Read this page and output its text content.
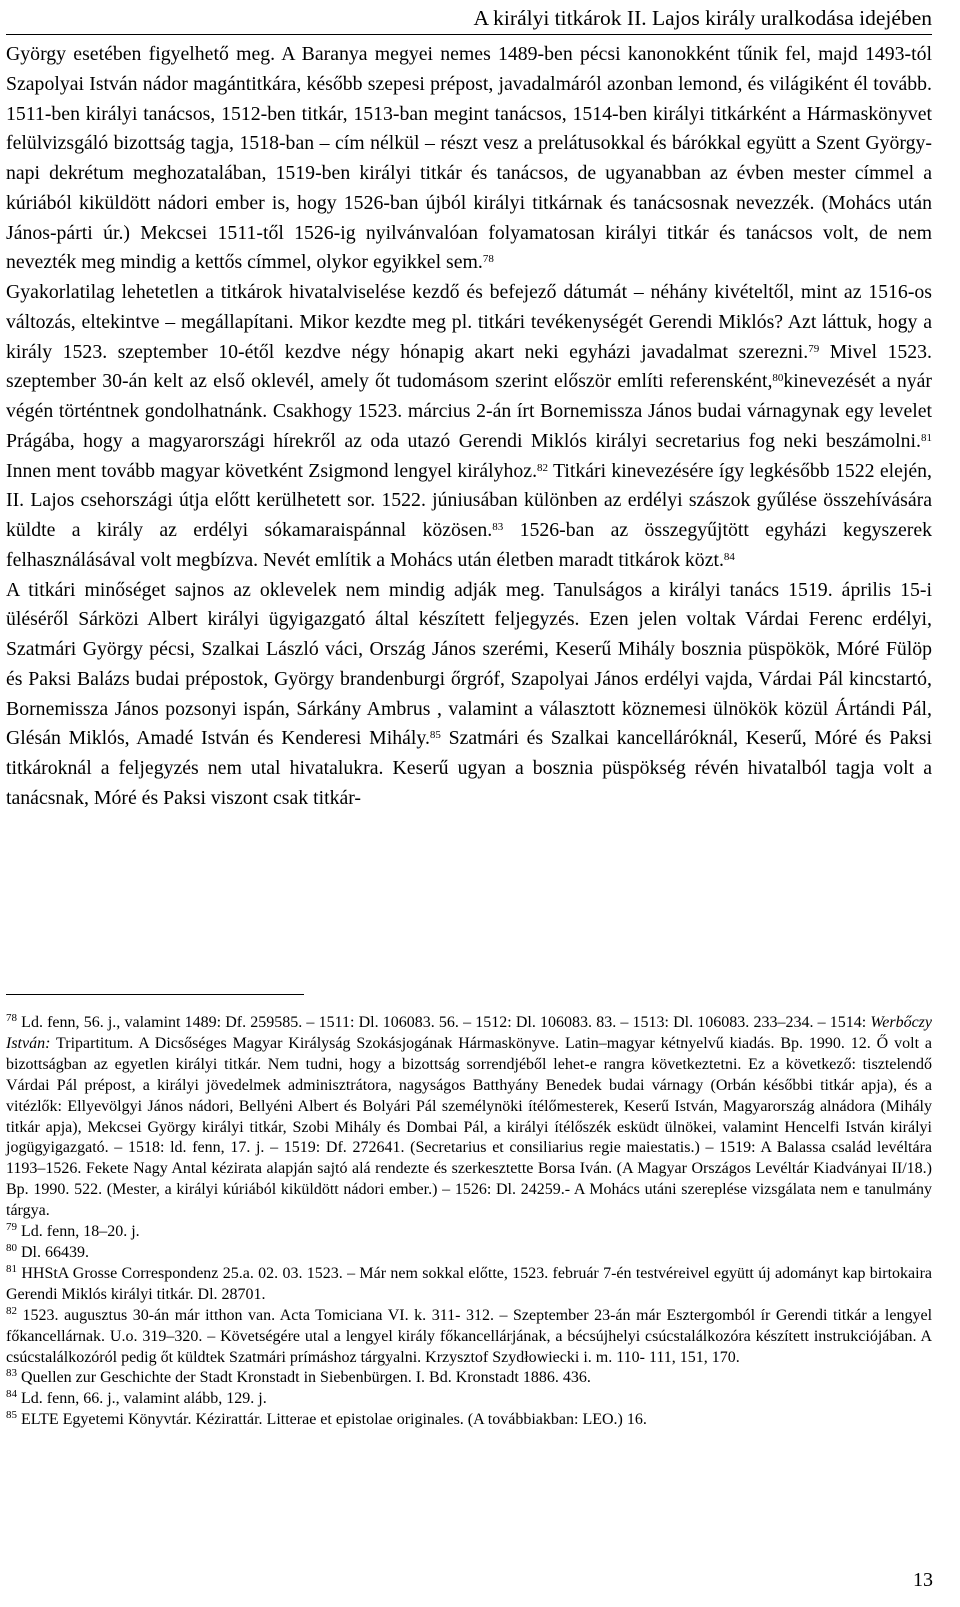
A királyi titkárok II. Lajos király uralkodása idejében

György esetében figyelhető meg. A Baranya megyei nemes 1489-ben pécsi kanonokként tűnik fel, majd 1493-tól Szapolyai István nádor magántitkára, később szepesi prépost, javadalmáról azonban lemond, és világiként él tovább. 1511-ben királyi tanácsos, 1512-ben titkár, 1513-ban megint tanácsos, 1514-ben királyi titkárként a Hármaskönyvet felülvizsgáló bizottság tagja, 1518-ban – cím nélkül – részt vesz a prelátusokkal és bárókkal együtt a Szent György-napi dekrétum meghozatalában, 1519-ben királyi titkár és tanácsos, de ugyanabban az évben mester címmel a kúriából kiküldött nádori ember is, hogy 1526-ban újból királyi titkárnak és tanácsosnak nevezzék. (Mohács után János-párti úr.) Mekcsei 1511-től 1526-ig nyilvánvalóan folyamatosan királyi titkár és tanácsos volt, de nem nevezték meg mindig a kettős címmel, olykor egyikkel sem.$^{78}$

Gyakorlatilag lehetetlen a titkárok hivatalviselése kezdő és befejező dátumát – néhány kivételtől, mint az 1516-os változás, eltekintve – megállapítani. Mikor kezdte meg pl. titkári tevékenységét Gerendi Miklós? Azt láttuk, hogy a király 1523. szeptember 10-étől kezdve négy hónapig akart neki egyházi javadalmat szerezni.$^{79}$ Mivel 1523. szeptember 30-án kelt az első oklevél, amely őt tudomásom szerint először említi referensként,$^{80}$kinevezését a nyár végén történtnek gondolhatnánk. Csakhogy 1523. március 2-án írt Bornemissza János budai várnagynak egy levelet Prágába, hogy a magyarországi hírekről az oda utazó Gerendi Miklós királyi secretarius fog neki beszámolni.$^{81}$ Innen ment tovább magyar követként Zsigmond lengyel királyhoz.$^{82}$ Titkári kinevezésére így legkésőbb 1522 elején, II. Lajos csehországi útja előtt kerülhetett sor. 1522. júniusában különben az erdélyi szászok gyűlése összehívására küldte a király az erdélyi sókamaraispánnal közösen.$^{83}$ 1526-ban az összegyűjtött egyházi kegyszerek felhasználásával volt megbízva. Nevét említik a Mohács után életben maradt titkárok közt.$^{84}$

A titkári minőséget sajnos az oklevelek nem mindig adják meg. Tanulságos a királyi tanács 1519. április 15-i üléséről Sárközi Albert királyi ügyigazgató által készített feljegyzés. Ezen jelen voltak Várdai Ferenc erdélyi, Szatmári György pécsi, Szalkai László váci, Ország János szerémi, Keserű Mihály bosznia püspökök, Móré Fülöp és Paksi Balázs budai prépostok, György brandenburgi őrgróf, Szapolyai János erdélyi vajda, Várdai Pál kincstartó, Bornemissza János pozsonyi ispán, Sárkány Ambrus , valamint a választott köznemesi ülnökök közül Ártándi Pál, Glésán Miklós, Amadé István és Kenderesi Mihály.$^{85}$ Szatmári és Szalkai kancelláróknál, Keserű, Móré és Paksi titkároknál a feljegyzés nem utal hivatalukra. Keserű ugyan a bosznia püspökség révén hivatalból tagja volt a tanácsnak, Móré és Paksi viszont csak titkár-

$^{78}$ Ld. fenn, 56. j., valamint 1489: Df. 259585. – 1511: Dl. 106083. 56. – 1512: Dl. 106083. 83. – 1513: Dl. 106083. 233–234. – 1514: Werbőczy István: Tripartitum. A Dicsőséges Magyar Királyság Szokásjogának Hármaskönyve. Latin–magyar kétnyelvű kiadás. Bp. 1990. 12. Ő volt a bizottságban az egyetlen királyi titkár. Nem tudni, hogy a bizottság sorrendjéből lehet-e rangra következtetni. Ez a következő: tisztelendő Várdai Pál prépost, a királyi jövedelmek adminisztrátora, nagyságos Batthyány Benedek budai várnagy (Orbán későbbi titkár apja), és a vitézlők: Ellyevölgyi János nádori, Bellyéni Albert és Bolyári Pál személynöki ítélőmesterek, Keserű István, Magyarország alnádora (Mihály titkár apja), Mekcsei György királyi titkár, Szobi Mihály és Dombai Pál, a királyi ítélőszék esküdt ülnökei, valamint Hencelfi István királyi jogügyigazgató. – 1518: ld. fenn, 17. j. – 1519: Df. 272641. (Secretarius et consiliarius regie maiestatis.) – 1519: A Balassa család levéltára 1193–1526. Fekete Nagy Antal kézirata alapján sajtó alá rendezte és szerkesztette Borsa Iván. (A Magyar Országos Levéltár Kiadványai II/18.) Bp. 1990. 522. (Mester, a királyi kúriából kiküldött nádori ember.) – 1526: Dl. 24259.- A Mohács utáni szereplése vizsgálata nem e tanulmány tárgya.

$^{79}$ Ld. fenn, 18–20. j.

$^{80}$ Dl. 66439.

$^{81}$ HHStA Grosse Correspondenz 25.a. 02. 03. 1523. – Már nem sokkal előtte, 1523. február 7-én testvéreivel együtt új adományt kap birtokaira Gerendi Miklós királyi titkár. Dl. 28701.

$^{82}$ 1523. augusztus 30-án már itthon van. Acta Tomiciana VI. k. 311- 312. – Szeptember 23-án már Esztergomból ír Gerendi titkár a lengyel főkancellárnak. U.o. 319–320. – Követségére utal a lengyel király főkancellárjának, a bécsújhelyi csúcstalálkozóra készített instrukciójában. A csúcstalálkozóról pedig őt küldtek Szatmári prímáshoz tárgyalni. Krzysztof Szydłowiecki i. m. 110- 111, 151, 170.

$^{83}$ Quellen zur Geschichte der Stadt Kronstadt in Siebenbürgen. I. Bd. Kronstadt 1886. 436.

$^{84}$ Ld. fenn, 66. j., valamint alább, 129. j.

$^{85}$ ELTE Egyetemi Könyvtár. Kézirattár. Litterae et epistolae originales. (A továbbiakban: LEO.) 16.

13
